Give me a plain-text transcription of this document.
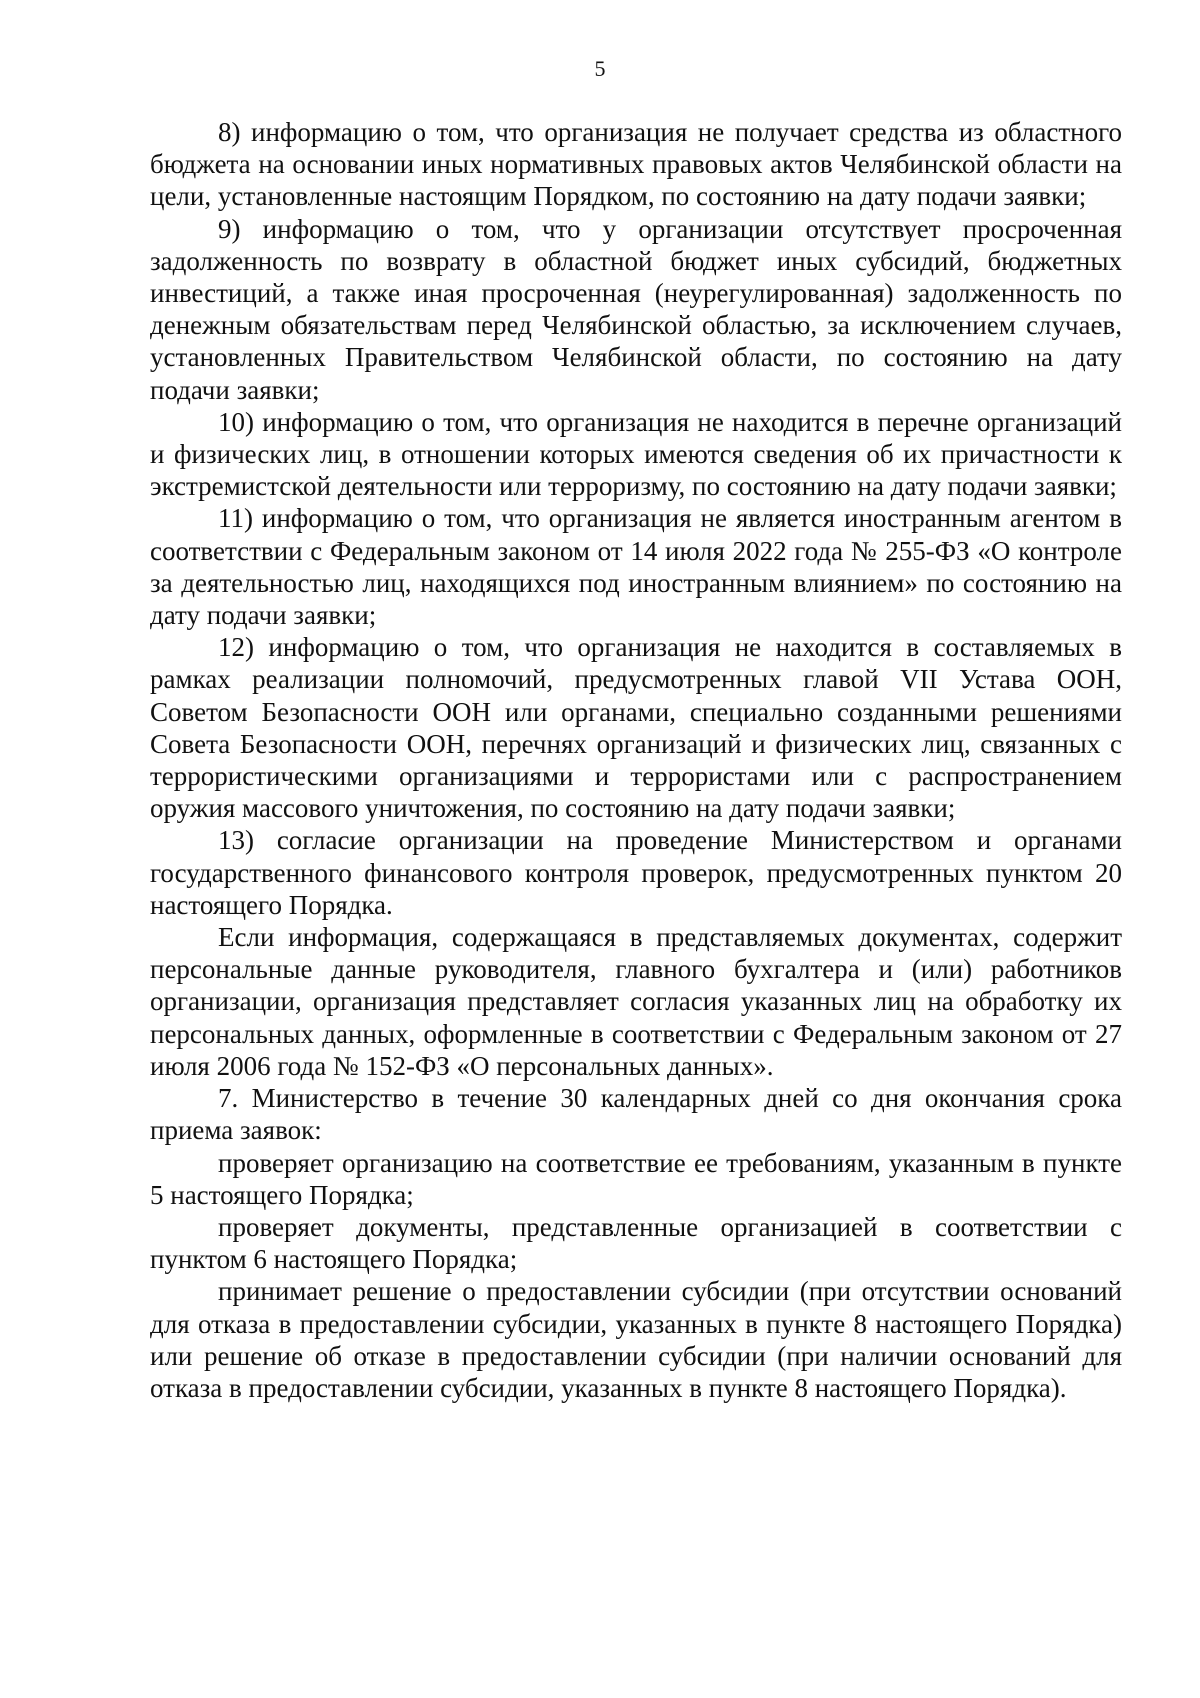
5

8) информацию о том, что организация не получает средства из областного бюджета на основании иных нормативных правовых актов Челябинской области на цели, установленные настоящим Порядком, по состоянию на дату подачи заявки;

9) информацию о том, что у организации отсутствует просроченная задолженность по возврату в областной бюджет иных субсидий, бюджетных инвестиций, а также иная просроченная (неурегулированная) задолженность по денежным обязательствам перед Челябинской областью, за исключением случаев, установленных Правительством Челябинской области, по состоянию на дату подачи заявки;

10) информацию о том, что организация не находится в перечне организаций и физических лиц, в отношении которых имеются сведения об их причастности к экстремистской деятельности или терроризму, по состоянию на дату подачи заявки;

11) информацию о том, что организация не является иностранным агентом в соответствии с Федеральным законом от 14 июля 2022 года № 255-ФЗ «О контроле за деятельностью лиц, находящихся под иностранным влиянием» по состоянию на дату подачи заявки;

12) информацию о том, что организация не находится в составляемых в рамках реализации полномочий, предусмотренных главой VII Устава ООН, Советом Безопасности ООН или органами, специально созданными решениями Совета Безопасности ООН, перечнях организаций и физических лиц, связанных с террористическими организациями и террористами или с распространением оружия массового уничтожения, по состоянию на дату подачи заявки;

13) согласие организации на проведение Министерством и органами государственного финансового контроля проверок, предусмотренных пунктом 20 настоящего Порядка.

Если информация, содержащаяся в представляемых документах, содержит персональные данные руководителя, главного бухгалтера и (или) работников организации, организация представляет согласия указанных лиц на обработку их персональных данных, оформленные в соответствии с Федеральным законом от 27 июля 2006 года № 152-ФЗ «О персональных данных».

7. Министерство в течение 30 календарных дней со дня окончания срока приема заявок:

проверяет организацию на соответствие ее требованиям, указанным в пункте 5 настоящего Порядка;

проверяет документы, представленные организацией в соответствии с пунктом 6 настоящего Порядка;

принимает решение о предоставлении субсидии (при отсутствии оснований для отказа в предоставлении субсидии, указанных в пункте 8 настоящего Порядка) или решение об отказе в предоставлении субсидии (при наличии оснований для отказа в предоставлении субсидии, указанных в пункте 8 настоящего Порядка).
